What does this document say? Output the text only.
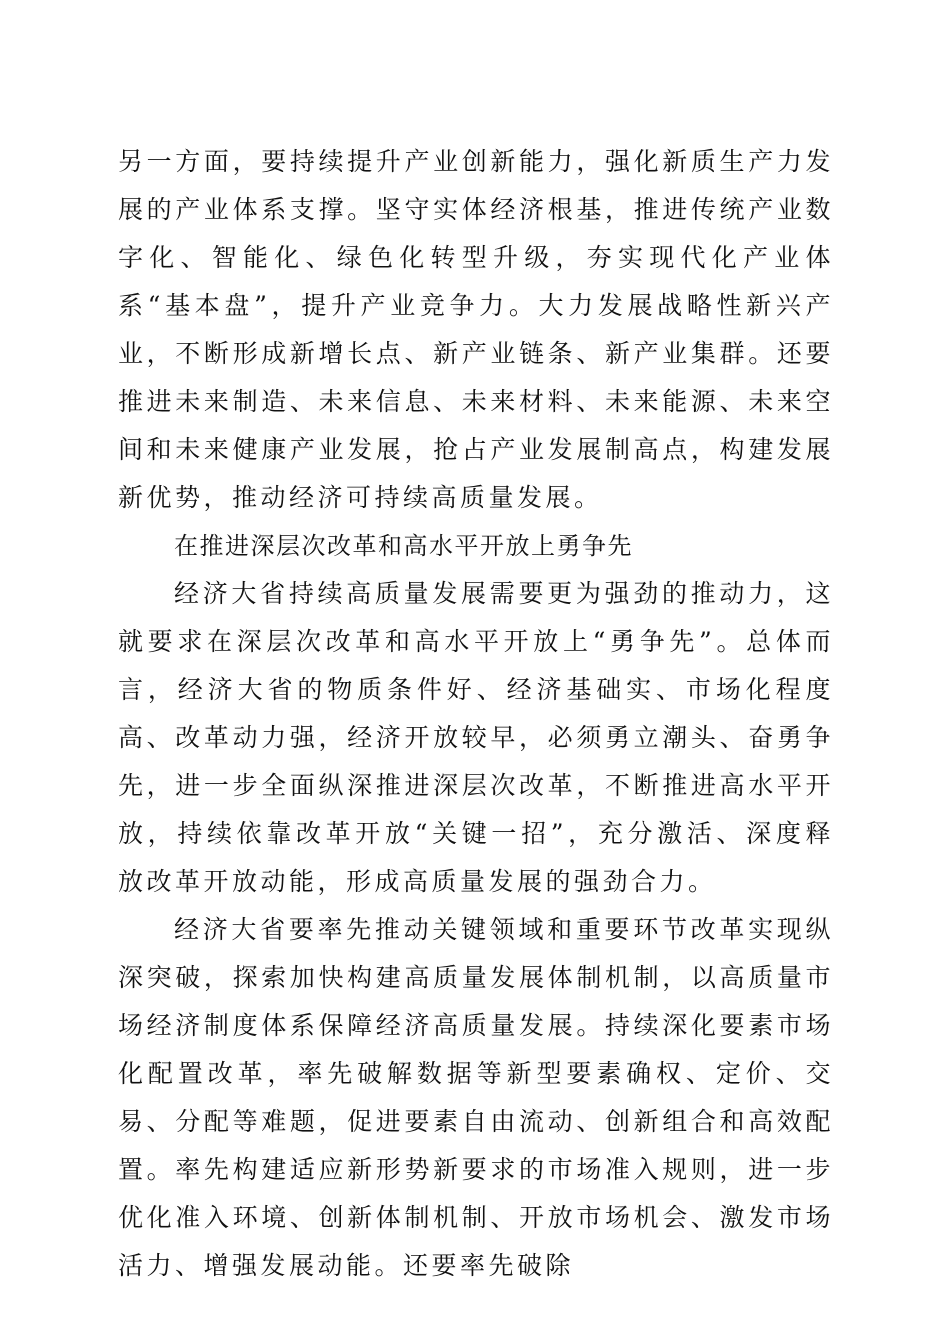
另一方面，要持续提升产业创新能力，强化新质生产力发展的产业体系支撑。坚守实体经济根基，推进传统产业数字化、智能化、绿色化转型升级，夯实现代化产业体系“基本盘”，提升产业竞争力。大力发展战略性新兴产业，不断形成新增长点、新产业链条、新产业集群。还要推进未来制造、未来信息、未来材料、未来能源、未来空间和未来健康产业发展，抢占产业发展制高点，构建发展新优势，推动经济可持续高质量发展。

在推进深层次改革和高水平开放上勇争先

经济大省持续高质量发展需要更为强劲的推动力，这就要求在深层次改革和高水平开放上“勇争先”。总体而言，经济大省的物质条件好、经济基础实、市场化程度高、改革动力强，经济开放较早，必须勇立潮头、奋勇争先，进一步全面纵深推进深层次改革，不断推进高水平开放，持续依靠改革开放“关键一招”，充分激活、深度释放改革开放动能，形成高质量发展的强劲合力。

经济大省要率先推动关键领域和重要环节改革实现纵深突破，探索加快构建高质量发展体制机制，以高质量市场经济制度体系保障经济高质量发展。持续深化要素市场化配置改革，率先破解数据等新型要素确权、定价、交易、分配等难题，促进要素自由流动、创新组合和高效配置。率先构建适应新形势新要求的市场准入规则，进一步优化准入环境、创新体制机制、开放市场机会、激发市场活力、增强发展动能。还要率先破除
